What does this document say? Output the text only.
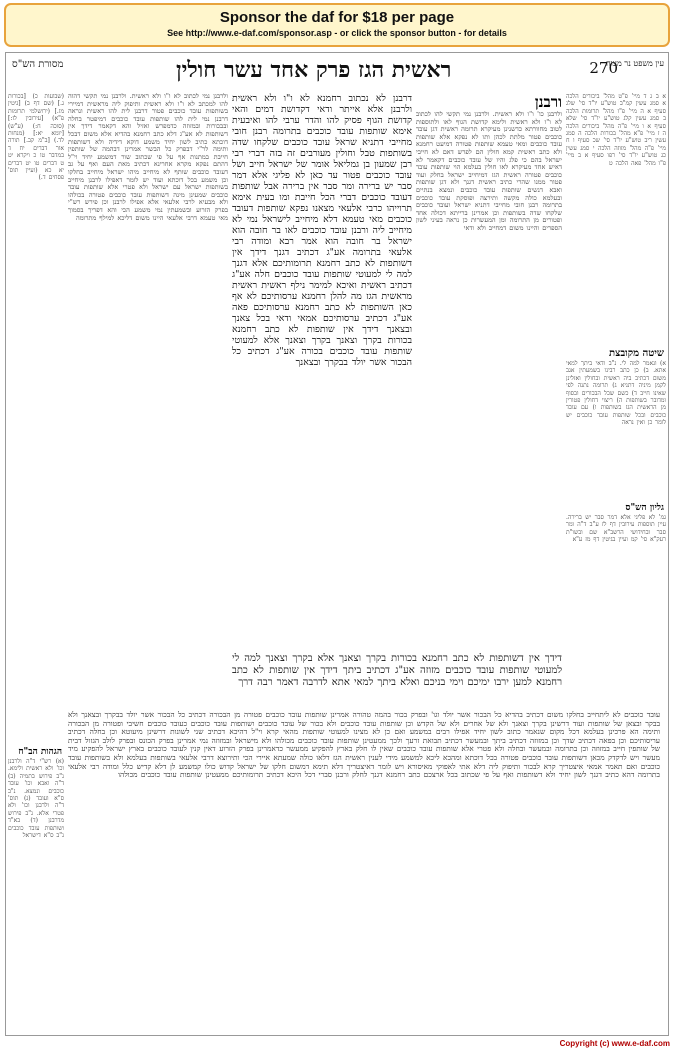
Sponsor the daf for $18 per page
See http://www.e-daf.com/sponsor.asp - or click the sponsor button - for details
מסורת הש"ס	ראשית הגז פרק אחד עשר חולין	270
עין משפט נר מצוה
(שבועות כ) [בכורות ג.] (שם דף ב) [גיטין מז.] (ירושלמי תרומות פ"א) [עירובין לז:] (סוכה ח:) (ע"ש) [יומא יא:] (מנחות לד.) [ב"מ קב.] תורה אור דברים יח ד במדבר טו כ ויקרא יט ט דברים טו יט דברים יא כא (ועיין תוס' פסחים ד.)
הגהות הב"ח
(א) רש"י ד"ה ולרבנן וכו' ולא ראשית ולימא. נ"ב פירוש בתמיה (ב) ד"ה ואבא וכו' עובד כוכבים ונמצא. נ"ב ס"א ועובד (ג) תוס' ד"ה ולרבנן וכו' ולא פטרי אלא. נ"ב פירוש מדרבנן (ד) בא"ד ושותפות עובד כוכבים נ"ב ס"א דישראל
ולרבנן נמי לכתוב לא ו"ו ולא ראשית. ולרבנן נמי תקשי דהוה להו למכתב לא ו"ו ולא ראשית ותיפוק ליה מראשית דמיירי בשותפות עובד כוכבים פטור דרבנן לית להו ראשית ונראה דרבנן נמי לית להו שותפות עובד כוכבים דמיפטר בחלה ובבכורות ובמזוזה כדמפרש ואזיל והא דקאמר דידך אין דשותפות לא אע"ג דלא כתב רחמנא בהדיא אלא משום דבכל דוכתא כתיב לשון יחיד משמע דוקא דידיה ולא דשותפות ותימה לר"י דבפרק כל הבשר אמרינן דבהמה של שותפין חייבת במתנות אף על פי שכתוב שור דמשמע יחיד וי"ל דהתם נפקא מקרא אחרינא דכתיב מאת העם ואף על גב דעובד כוכבים שותף לא מיחייב מיהו ישראל מיחייב בחלקו וכן משמע בכל דוכתא ועוד יש לומר דאפילו לרבנן מיחייב בשותפות ישראל עם ישראל ולא פטרי אלא שותפות עובד כוכבים שמעינן מינה דשותפות עובד כוכבים פטורה בכולהו ולא מבעיא לרבי אלעאי אלא אפילו לרבנן וכן פירש רש"י בפרק הזרוע ובשמעתין נמי משמע הכי והא דפריך בסמוך מאי טעמא דרבי אלעאי היינו משום דליכא למילף מתרומה
דרבנן לא נכתוב רחמנא לא ו"ו ולא ראשית ולרבנן אלא אייתר ודאי דקדושת דמים והאי קדושת הגוף פסיק להו והדר ערבי להו ואיבעית אימא שותפות עובד כוכבים בתרומה רבנן חובי מחייבי דתניא שראל עובד כוכבים שלקחו שדה בשותפות טבל וחולין מעורבים זה בזה דברי רבי רבן שמעון בן גמליאל אומר של ישראל חייב ושל עובד כוכבים פטור עד כאן לא פליגי אלא דמר סבר יש ברירה ומר סבר אין ברירה אבל שותפות דעובד כוכבים דברי הכל חייבת ומו בעית אימא תרוייהו כרבי אלעאי מצאנו נפקא שותפות דעובד כוכבים מאי טעמא דלא מיחייב לישראל נמי לא מיחייב ליה ורבנן עובד כוכבים לאו בר חובה הוא ישראל בר חובה הוא אמר רבא ומודה רבי אלעאי בתרומה אע"ג דכתיב דגנך דידך אין דשותפות לא כתב רחמנא תרומותיכם אלא דגנך למה לי למעוטי שותפות עובד כוכבים חלה אע"ג דכתיב ראשית ואיכא למימר נילף ראשית ראשית מראשית הגז מה להלן רחמנא ערסותיכם לא אף כאן השותפות לא כתב רחמנא ערסותיכם פאה אע"ג דכתיב ערסותיכם אמאי ודאי בכל צאנך ובצאנך דידך אין שותפות לא כתב רחמנא בכורות בקרך וצאנך בקרך וצאנך אלא למעוטי שותפות עובד כוכבים בכורה אע"ג דכתיב כל הבכור אשר יולד בבקרך ובצאנך
ורבנן
ולרבנן כו' ו"ו ולא ראשית. ולרבנן נמי תקשי להו לכתוב לא ו"ו ולא ראשית ולימא קדושת הגוף לאו ולתוספות לטוב מחוורתא כדשנינן מעיקרא תרומה ראשית דגן עובד כוכבים פטור מלתת לכהן ותו לא נפקא אלא שותפות עובד כוכבים ומאי טעמא שותפות פטורה דמיעט רחמנא ולא כתב ראשית קמא חולין הם לפרש דאם לא חייבי ישראל בהם כי פלג והיו של עובד כוכבים דקאמר לא דאיש אחד מעיקרא לאו חולין בעלמא הוי שותפות עובד כוכבים פטורה ראשית הגז דמיחייב ישראל בחלק ועוד פטור ממנו שהרי כתיב ראשית דגנך ולא דגן שותפות ואבא דנשים שותפות עובד כוכבים ונמצא בנתיים ובעלמא כולה מקשה ותירצה ופוסקת עובד כוכבים בתרומה רבנן חובי מחייבי דתניא ישראל ועובד כוכבים שלקחו שדה בשותפות וכן אמרינן ברייתא דכולה אחד ופטורים מן התרומה ומן המעשרות כן נראה בעיני לשון הספרים והיינו משום דמחייב ולא ודאי
דידך אין דשותפות לא כתב רחמנא בכורות בקרך וצאנך אלא בקרך וצאנך למה לי למעוטי שותפות עובד כוכבים מזוזה אע"ג דכתיב ביתך דידך אין שותפות לא כתב רחמנא למען ירבו ימיכם וימי בניכם ואלא ביתך למאי אתא לדרבה דאמר רבה דרך
א ב ג ד מיי' פ"ט מהל' ביכורים הלכה א סמג עשין קמ"ב טוש"ע יו"ד סי' שלג סעיף א ה מיי' פ"ו מהל' תרומות הלכה ב סמג עשין קלג טוש"ע יו"ד סי' שלא סעיף א ו מיי' פ"ה מהל' ביכורים הלכה ה ז מיי' פ"א מהל' בכורות הלכה ה סמג עשין ריב טוש"ע יו"ד סי' שכ סעיף ו ח מיי' פ"ה מהל' מזוזה הלכה י סמג עשין כג טוש"ע יו"ד סי' רפו סעיף א ב מיי' פ"ו מהל' פאה הלכה ט
שיטה מקובצת
א) ונאמר למה לי. נ"ב ודאי ביתך למאי אתא. ב) כן כתב רבינו בשמעתין אגב משום דכתיב ביה ראשית ובחולין ואזלינן לקמן מיניה דתניא ג) תרומה נתנה לפי שאינו חייב ד) כשם שכל הבכורים ובסוף ומדובר בשותפות ה) ריצוי דחולין פטורין מן הראשית הגז בשותפות ו) עם עובד כוכבים ובכל שותפות עובד כוכבים יש לומר כן ואין נראה
גליון הש"ס
גמ' לא פליגי אלא דמר סבר יש ברירה. עיין תוספות עירובין דף לז ע"ב ד"ה ומר סבר ובחידושי הרשב"א שם ובשו"ת רעק"א סי' קמ ועיין בגיטין דף מז ע"א
עובד כוכבים לא ליתחייב בחלקו משום דכתיב בהדיא כל הבכור אשר יולד וגו' ובפרק בכור בהמה טהורה אמרינן שותפות עובד כוכבים פטורה מן הבכורה דכתיב כל הבכור אשר יולד בבקרך ובצאנך ולא בבקר ובצאן של שותפות ועוד דרשינן בקרך וצאנך ולא של אחרים ולא של הקדש וכן שותפות עובד כוכבים ולא בכור של עובד כוכבים ושותפות עובד כוכבים כעובד כוכבים חשיבי ופטורה מן הבכורה ותימה הא פרכינן בעלמא דכל מקום שנאמר כתוב לשון יחיד אפילו רבים במשמע ואם כן לא מצינו למעוטי שותפות מהאי קרא וי"ל דהיכא דכתיב שני לשונות דרשינן מיעוטא וכן בחלה דכתיב עריסותיכם וכן בפאה דכתיב שדך וכן במזוזה דכתיב ביתך ובמעשר דכתיב תבואת זרעך ולכך ממעטינן שותפות עובד כוכבים מכולהו ולא מישראל ובמזוזה נמי אמרינן בפרק הכונס ובפרק לולב הגזול דבית של שותפין חייב במזוזה וכן בתרומה ובמעשר ובחלה ולא פטרי אלא שותפות עובד כוכבים שאין לו חלק בארץ להפקיע ממעשר כדאמרינן בפרק הזרוע דאין קנין לעובד כוכבים בארץ ישראל להפקיע מיד מעשר ויש לדקדק מכאן דשותפות עובד כוכבים פטורה בכל דוכתא ומהכא ליכא למשמע מידי לענין ראשית הגז דלאו כולה שמעתא איירי הכי ותירוצא דרבי אלעאי בשותפות בעלמא ולא בשותפות עובד כוכבים ואם תאמר אמאי איצטריך קרא לבכור ותיפוק ליה דלא אתי לאפוקי מאיסורא ויש לומר דאיצטריך דלא תימא דמשום חלקו של ישראל קדוש כולו קמשמע לן דלא קדיש כלל ומודה רבי אלעאי בתרומה דהא כתיב דגנך לשון יחיד ולא דשותפות ואף על פי שכתוב בכל ארצכם כתב רחמנא דגנך לחלק ורבנן סברי דכל היכא דכתיב תרומותיכם ממעטינן שותפות עובד כוכבים מכולהו
Copyright (c) www.e-daf.com
